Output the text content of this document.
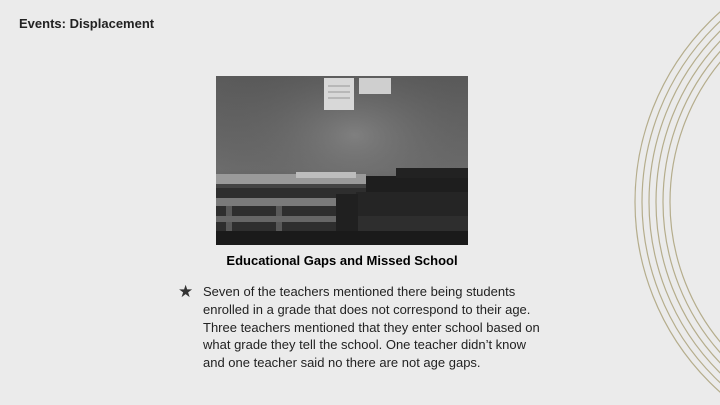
Events: Displacement
Educational Gaps and Missed School
★ Seven of the teachers mentioned there being students enrolled in a grade that does not correspond to their age. Three teachers mentioned that they enter school based on what grade they tell the school. One teacher didn’t know and one teacher said no there are not age gaps.
